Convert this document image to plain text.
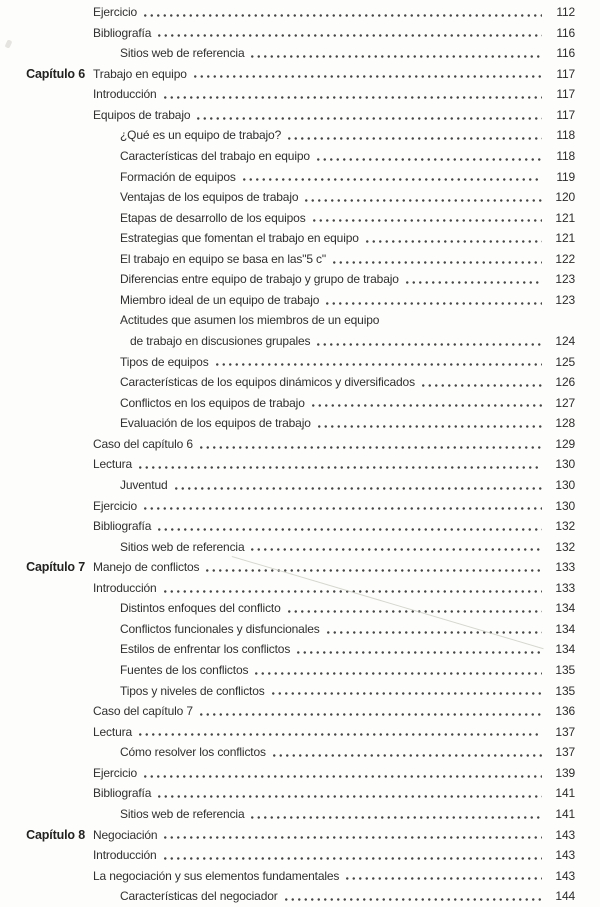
Ejercicio	112
Bibliografía	116
Sitios web de referencia	116
Capítulo 6 Trabajo en equipo	117
Introducción	117
Equipos de trabajo	117
¿Qué es un equipo de trabajo?	118
Características del trabajo en equipo	118
Formación de equipos	119
Ventajas de los equipos de trabajo	120
Etapas de desarrollo de los equipos	121
Estrategias que fomentan el trabajo en equipo	121
El trabajo en equipo se basa en las"5 c"	122
Diferencias entre equipo de trabajo y grupo de trabajo	123
Miembro ideal de un equipo de trabajo	123
Actitudes que asumen los miembros de un equipo
de trabajo en discusiones grupales	124
Tipos de equipos	125
Características de los equipos dinámicos y diversificados	126
Conflictos en los equipos de trabajo	127
Evaluación de los equipos de trabajo	128
Caso del capítulo 6	129
Lectura	130
Juventud	130
Ejercicio	130
Bibliografía	132
Sitios web de referencia	132
Capítulo 7 Manejo de conflictos	133
Introducción	133
Distintos enfoques del conflicto	134
Conflictos funcionales y disfuncionales	134
Estilos de enfrentar los conflictos	134
Fuentes de los conflictos	135
Tipos y niveles de conflictos	135
Caso del capítulo 7	136
Lectura	137
Cómo resolver los conflictos	137
Ejercicio	139
Bibliografía	141
Sitios web de referencia	141
Capítulo 8 Negociación	143
Introducción	143
La negociación y sus elementos fundamentales	143
Características del negociador	144
